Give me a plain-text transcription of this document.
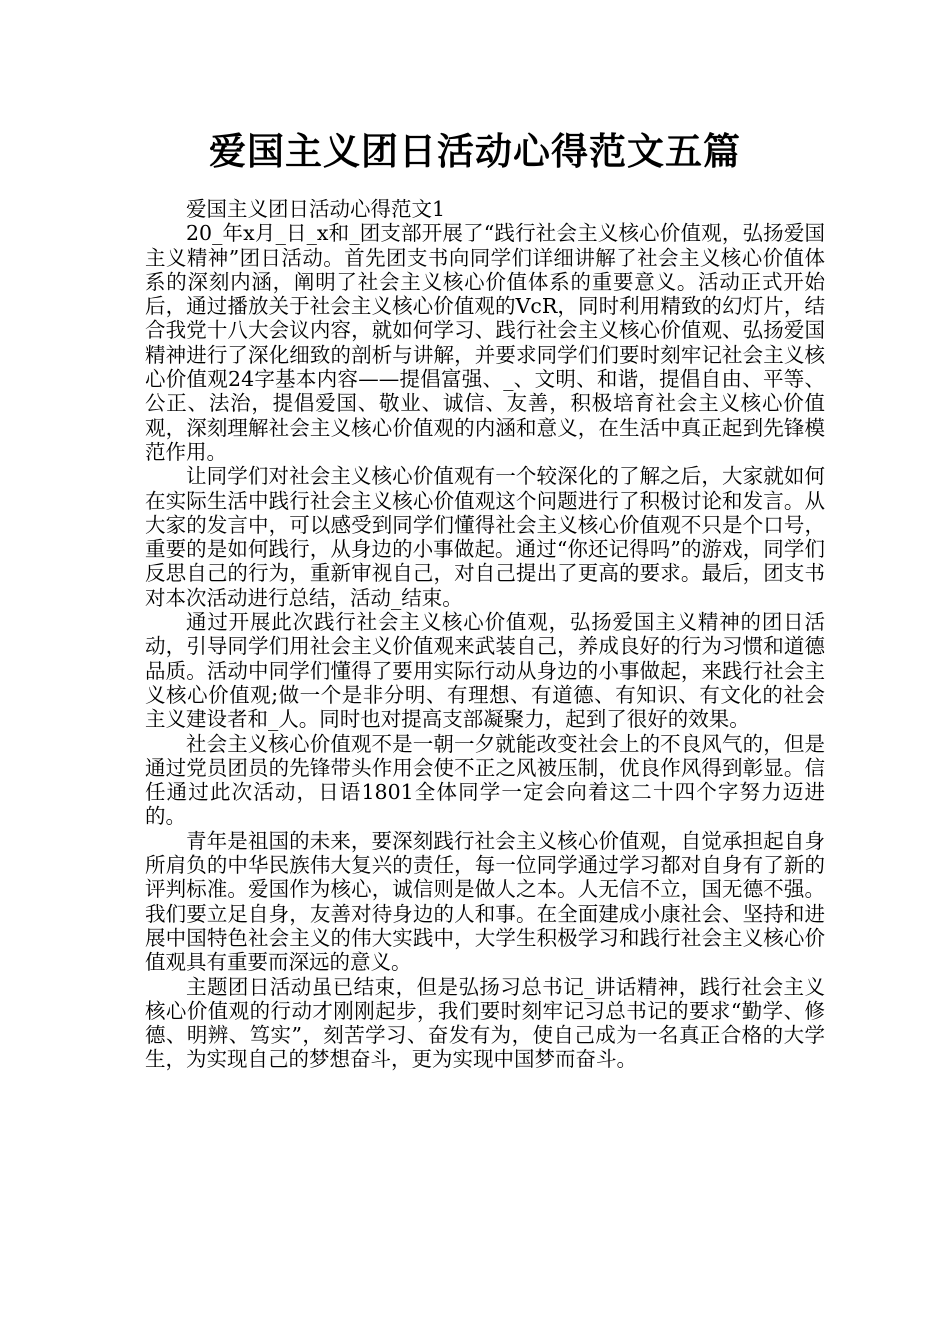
爱国主义团日活动心得范文五篇

爱国主义团日活动心得范文1

20_年x月_日_x和_团支部开展了“践行社会主义核心价值观，弘扬爱国主义精神”团日活动。首先团支书向同学们详细讲解了社会主义核心价值体系的深刻内涵，阐明了社会主义核心价值体系的重要意义。活动正式开始后，通过播放关于社会主义核心价值观的VcR，同时利用精致的幻灯片，结合我党十八大会议内容，就如何学习、践行社会主义核心价值观、弘扬爱国精神进行了深化细致的剖析与讲解，并要求同学们们要时刻牢记社会主义核心价值观24字基本内容——提倡富强、_、文明、和谐，提倡自由、平等、公正、法治，提倡爱国、敬业、诚信、友善，积极培育社会主义核心价值观，深刻理解社会主义核心价值观的内涵和意义，在生活中真正起到先锋模范作用。

让同学们对社会主义核心价值观有一个较深化的了解之后，大家就如何在实际生活中践行社会主义核心价值观这个问题进行了积极讨论和发言。从大家的发言中，可以感受到同学们懂得社会主义核心价值观不只是个口号，重要的是如何践行，从身边的小事做起。通过“你还记得吗”的游戏，同学们反思自己的行为，重新审视自己，对自己提出了更高的要求。最后，团支书对本次活动进行总结，活动_结束。

通过开展此次践行社会主义核心价值观，弘扬爱国主义精神的团日活动，引导同学们用社会主义价值观来武装自己，养成良好的行为习惯和道德品质。活动中同学们懂得了要用实际行动从身边的小事做起，来践行社会主义核心价值观;做一个是非分明、有理想、有道德、有知识、有文化的社会主义建设者和_人。同时也对提高支部凝聚力，起到了很好的效果。

社会主义核心价值观不是一朝一夕就能改变社会上的不良风气的，但是通过党员团员的先锋带头作用会使不正之风被压制，优良作风得到彰显。信任通过此次活动，日语1801全体同学一定会向着这二十四个字努力迈进的。

青年是祖国的未来，要深刻践行社会主义核心价值观，自觉承担起自身所肩负的中华民族伟大复兴的责任，每一位同学通过学习都对自身有了新的评判标准。爱国作为核心，诚信则是做人之本。人无信不立，国无德不强。我们要立足自身，友善对待身边的人和事。在全面建成小康社会、坚持和进展中国特色社会主义的伟大实践中，大学生积极学习和践行社会主义核心价值观具有重要而深远的意义。

主题团日活动虽已结束，但是弘扬习总书记_讲话精神，践行社会主义核心价值观的行动才刚刚起步，我们要时刻牢记习总书记的要求“勤学、修德、明辨、笃实”，刻苦学习、奋发有为，使自己成为一名真正合格的大学生，为实现自己的梦想奋斗，更为实现中国梦而奋斗。
